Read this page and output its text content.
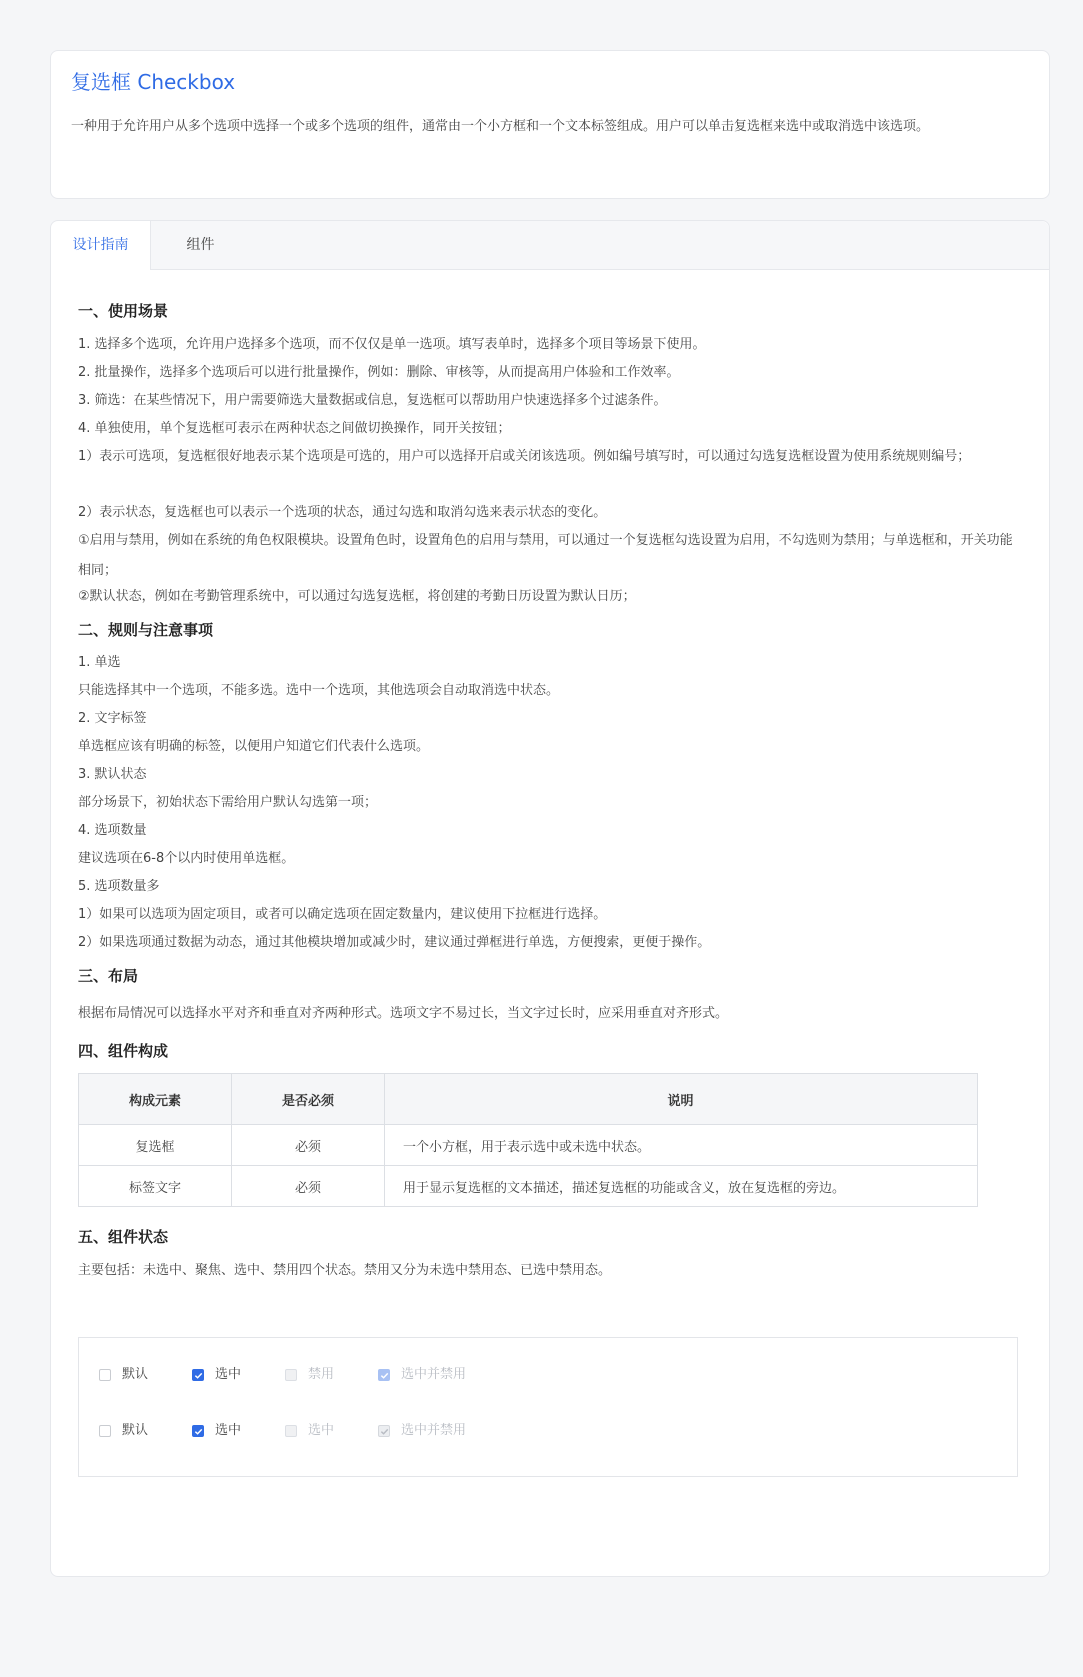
复选框 Checkbox

一种用于允许用户从多个选项中选择一个或多个选项的组件，通常由一个小方框和一个文本标签组成。用户可以单击复选框来选中或取消选中该选项。

设计指南	组件
一、使用场景
1. 选择多个选项，允许用户选择多个选项，而不仅仅是单一选项。填写表单时，选择多个项目等场景下使用。
2. 批量操作，选择多个选项后可以进行批量操作，例如：删除、审核等，从而提高用户体验和工作效率。
3. 筛选：在某些情况下，用户需要筛选大量数据或信息，复选框可以帮助用户快速选择多个过滤条件。
4. 单独使用，单个复选框可表示在两种状态之间做切换操作，同开关按钮；
1）表示可选项，复选框很好地表示某个选项是可选的，用户可以选择开启或关闭该选项。例如编号填写时，可以通过勾选复选框设置为使用系统规则编号；
2）表示状态，复选框也可以表示一个选项的状态，通过勾选和取消勾选来表示状态的变化。
①启用与禁用，例如在系统的角色权限模块。设置角色时，设置角色的启用与禁用，可以通过一个复选框勾选设置为启用，不勾选则为禁用；与单选框和，开关功能相同；
②默认状态，例如在考勤管理系统中，可以通过勾选复选框，将创建的考勤日历设置为默认日历；
二、规则与注意事项
1. 单选
只能选择其中一个选项，不能多选。选中一个选项，其他选项会自动取消选中状态。
2. 文字标签
单选框应该有明确的标签，以便用户知道它们代表什么选项。
3. 默认状态
部分场景下，初始状态下需给用户默认勾选第一项；
4. 选项数量
建议选项在6-8个以内时使用单选框。
5. 选项数量多
1）如果可以选项为固定项目，或者可以确定选项在固定数量内，建议使用下拉框进行选择。
2）如果选项通过数据为动态，通过其他模块增加或减少时，建议通过弹框进行单选，方便搜索，更便于操作。
三、布局
根据布局情况可以选择水平对齐和垂直对齐两种形式。选项文字不易过长，当文字过长时，应采用垂直对齐形式。
四、组件构成
构成元素	是否必须	说明
复选框	必须	一个小方框，用于表示选中或未选中状态。
标签文字	必须	用于显示复选框的文本描述，描述复选框的功能或含义，放在复选框的旁边。
五、组件状态
主要包括：未选中、聚焦、选中、禁用四个状态。禁用又分为未选中禁用态、已选中禁用态。
默认	选中	禁用	选中并禁用
默认	选中	选中	选中并禁用
